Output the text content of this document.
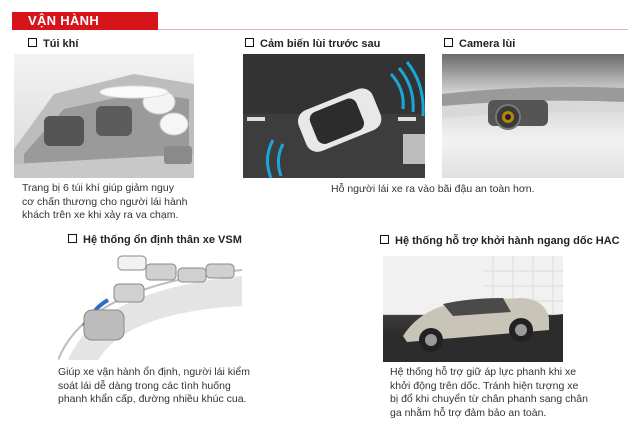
VẬN HÀNH
Túi khí
Trang bị 6 túi khí giúp giảm nguy
cơ chấn thương cho người lái hành
khách trên xe khi xảy ra va chạm.
Cảm biến lùi trước sau
Hỗ người lái xe ra vào bãi đậu an toàn hơn.
Camera lùi
Hệ thống ổn định thân xe VSM
Giúp xe vận hành ổn định, người lái kiểm
soát lái dễ dàng trong các tình huống
phanh khẩn cấp, đường nhiều khúc cua.
Hệ thống hỗ trợ khởi hành ngang dốc HAC
Hệ thống hỗ trợ giữ áp lực phanh khi xe
khởi động trên dốc. Tránh hiện tượng xe
bị đổ khi chuyển từ chân phanh sang chân
ga nhằm hỗ trợ đảm bảo an toàn.
